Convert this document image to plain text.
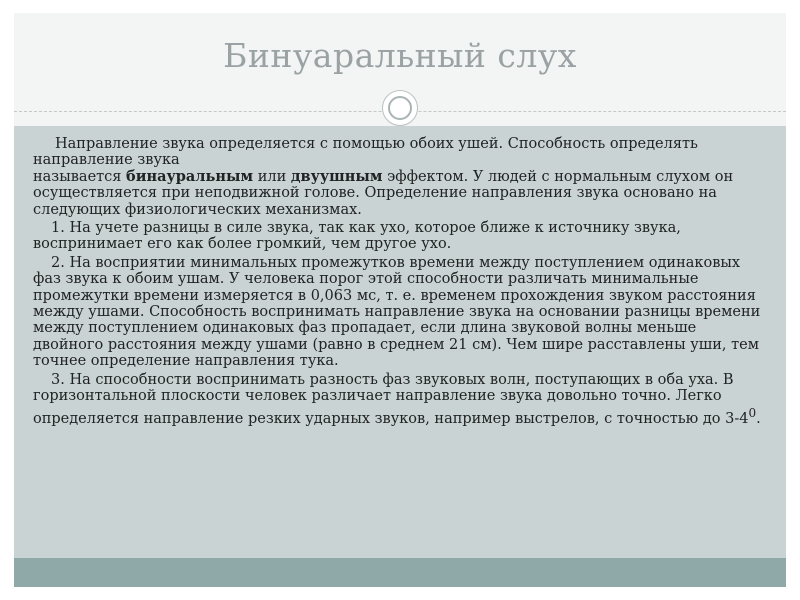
Бинуаральный слух

Направление звука определяется с помощью обоих ушей. Способность определять направление звука
называется бинауральным или двуушным эффектом. У людей с нормальным слухом он осуществляется при неподвижной голове. Определение направления звука основано на следующих физиологических механизмах.

1. На учете разницы в силе звука, так как ухо, которое ближе к источнику звука, воспринимает его как более громкий, чем другое ухо.

2. На восприятии минимальных промежутков времени между поступлением одинаковых фаз звука к обоим ушам. У человека порог этой способности различать минимальные промежутки времени измеряется в 0,063 мс, т. е. временем прохождения звуком расстояния между ушами. Способность воспринимать направление звука на основании разницы времени между поступлением одинаковых фаз пропадает, если длина звуковой волны меньше двойного расстояния между ушами (равно в среднем 21 см). Чем шире расставлены уши, тем точнее определение направления тука.

3. На способности воспринимать разность фаз звуковых волн, поступающих в оба уха. В горизонтальной плоскости человек различает направление звука довольно точно. Легко определяется направление резких ударных звуков, например выстрелов, с точностью до $3-4^0$.
